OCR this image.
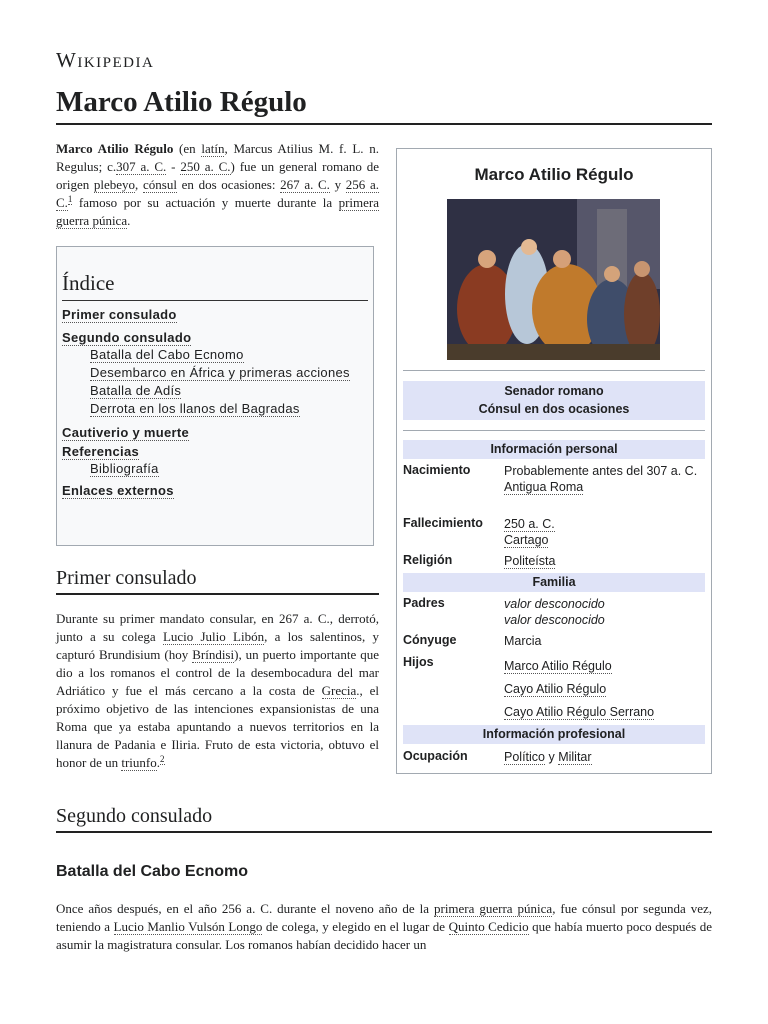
Wikipedia
Marco Atilio Régulo

Marco Atilio Régulo (en latín, Marcus Atilius M. f. L. n. Regulus; c.307 a. C. - 250 a. C.) fue un general romano de origen plebeyo, cónsul en dos ocasiones: 267 a. C. y 256 a. C.$^1$ famoso por su actuación y muerte durante la primera guerra púnica.

Índice
Primer consulado
Segundo consulado
Batalla del Cabo Ecnomo
Desembarco en África y primeras acciones
Batalla de Adís
Derrota en los llanos del Bagradas
Cautiverio y muerte
Referencias
Bibliografía
Enlaces externos
Marco Atilio Régulo
Senador romano
Cónsul en dos ocasiones
Información personal
Nacimiento	Probablemente antes del 307 a. C.
Antigua Roma
Fallecimiento 250 a. C.
Cartago
Religión	Politeísta
Familia
Padres	valor desconocido
valor desconocido
Cónyuge	Marcia
Hijos	Marco Atilio Régulo
Cayo Atilio Régulo
Cayo Atilio Régulo Serrano
Información profesional
Ocupación	Político y Militar
Primer consulado

Durante su primer mandato consular, en 267 a. C., derrotó, junto a su colega Lucio Julio Libón, a los salentinos, y capturó Brundisium (hoy Bríndisi), un puerto importante que dio a los romanos el control de la desembocadura del mar Adriático y fue el más cercano a la costa de Grecia., el próximo objetivo de las intenciones expansionistas de una Roma que ya estaba apuntando a nuevos territorios en la llanura de Padania e Iliria. Fruto de esta victoria, obtuvo el honor de un triunfo.$^2$

Segundo consulado
Batalla del Cabo Ecnomo

Once años después, en el año 256 a. C. durante el noveno año de la primera guerra púnica, fue cónsul por segunda vez, teniendo a Lucio Manlio Vulsón Longo de colega, y elegido en el lugar de Quinto Cedicio que había muerto poco después de asumir la magistratura consular. Los romanos habían decidido hacer un
